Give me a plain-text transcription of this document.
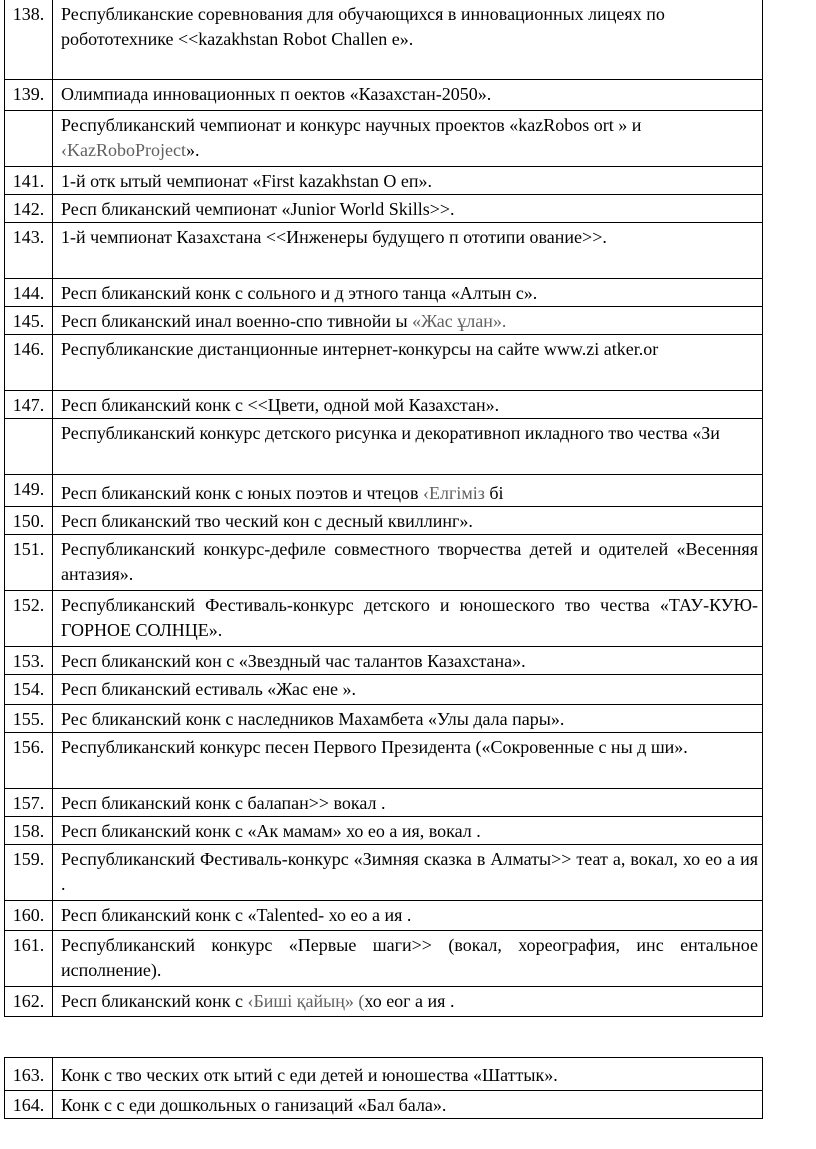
138.	Республиканские соревнования для обучающихся в инновационных лицеях по робототехнике <<kazakhstan Robot Challen e».
139.	Олимпиада инновационных п оектов «Казахстан-2050».
	Республиканский чемпионат и конкурс научных проектов «kazRobos ort » и ‹KazRoboProject».
141.	1-й отк ытый чемпионат «First kazakhstan O еп».
142.	Респ бликанский чемпионат «Junior World Skills>>.
143.	1-й чемпионат Казахстана <<Инженеры будущего п ототипи ование>>.
144.	Респ бликанский конк с сольного и д этного танца «Алтын с».
145.	Респ бликанский инал военно-спо тивнойи ы «Жас ұлан».
146.	Республиканские дистанционные интернет-конкурсы на сайте www.zi atker.or
147.	Респ бликанский конк с <<Цвети, одной мой Казахстан».
	Республиканский конкурс детского рисунка и декоративноп икладного тво чества «Зи
149.	Респ бликанский конк с юных поэтов и чтецов ‹Елгіміз бі
150.	Респ бликанский тво ческий кон с десный квиллинг».
151.	Республиканский конкурс-дефиле совместного творчества детей и одителей «Весенняя антазия».
152.	Республиканский Фестиваль-конкурс детского и юношеского тво чества «ТАУ-КУЮ-ГОРНОЕ СОЛНЦЕ».
153.	Респ бликанский кон с «Звездный час талантов Казахстана».
154.	Респ бликанский естиваль «Жас ене ».
155.	Рес бликанский конк с наследников Махамбета «Улы дала пары».
156.	Республиканский конкурс песен Первого Президента («Сокровенные с ны д ши».
157.	Респ бликанский конк с балапан>> вокал .
158.	Респ бликанский конк с «Ак мамам» хо ео а ия, вокал .
159.	Республиканский Фестиваль-конкурс «Зимняя сказка в Алматы>> теат а, вокал, хо ео а ия .
160.	Респ бликанский конк с «Talented- хо ео а ия .
161.	Республиканский конкурс «Первые шаги>> (вокал, хореография, инс ентальное исполнение).
162.	Респ бликанский конк с ‹Биші қайың» (хо еог а ия .
163.	Конк с тво ческих отк ытий с еди детей и юношества «Шаттык».
164.	Конк с с еди дошкольных о ганизаций «Бал бала».
